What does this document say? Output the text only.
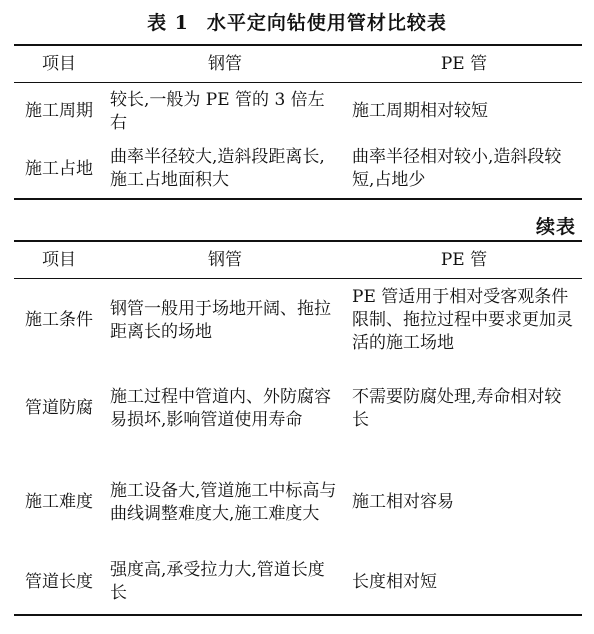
表 1 水平定向钻使用管材比较表
项目	钢管	PE 管
施工周期	较长,一般为 PE 管的 3 倍左右	施工周期相对较短
施工占地	曲率半径较大,造斜段距离长,施工占地面积大	曲率半径相对较小,造斜段较短,占地少
续表
项目	钢管	PE 管
施工条件	钢管一般用于场地开阔、拖拉距离长的场地	PE 管适用于相对受客观条件限制、拖拉过程中要求更加灵活的施工场地
管道防腐	施工过程中管道内、外防腐容易损坏,影响管道使用寿命	不需要防腐处理,寿命相对较长
施工难度	施工设备大,管道施工中标高与曲线调整难度大,施工难度大	施工相对容易
管道长度	强度高,承受拉力大,管道长度长	长度相对短
